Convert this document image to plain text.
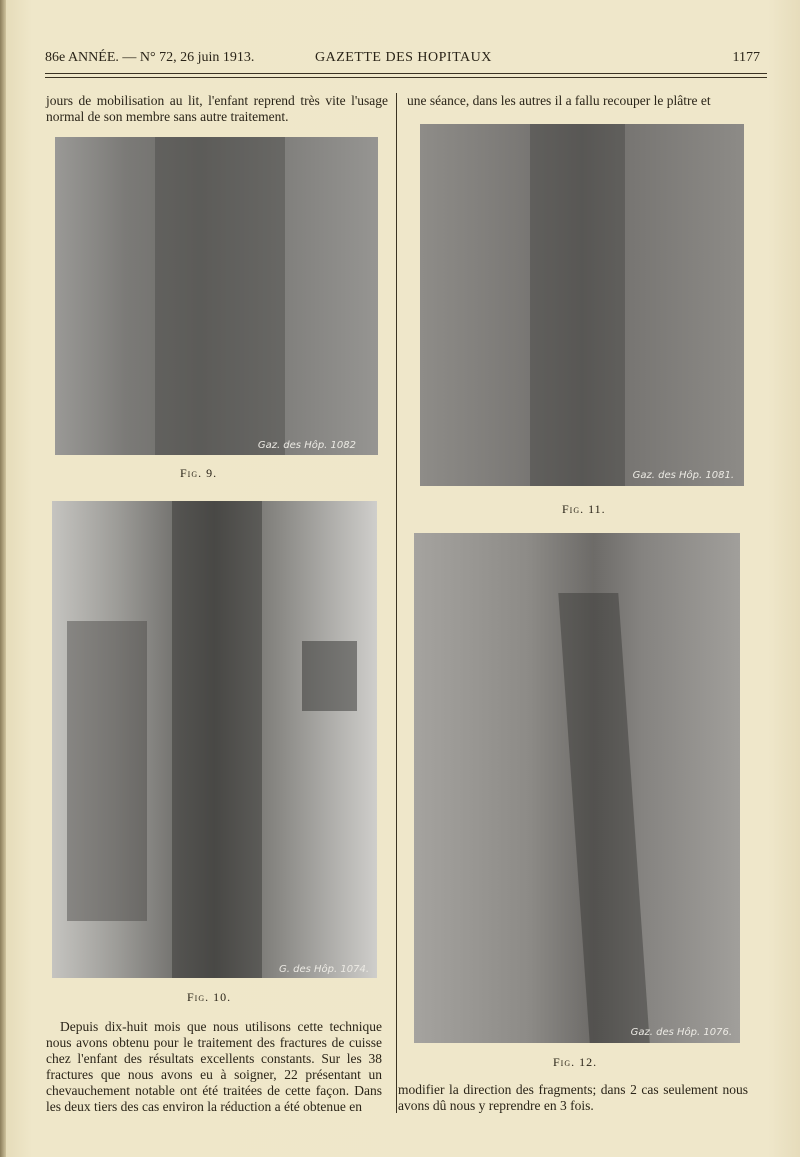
86e ANNÉE. — N° 72, 26 juin 1913.	GAZETTE DES HOPITAUX	1177
jours de mobilisation au lit, l'enfant reprend très vite l'usage normal de son membre sans autre traitement.
une séance, dans les autres il a fallu recouper le plâtre et
Gaz. des Hôp. 1082
Fig. 9.
G. des Hôp. 1074.
Fig. 10.
Gaz. des Hôp. 1081.
Fig. 11.
Gaz. des Hôp. 1076.
Fig. 12.
Depuis dix-huit mois que nous utilisons cette technique nous avons obtenu pour le traitement des fractures de cuisse chez l'enfant des résultats excellents constants. Sur les 38 fractures que nous avons eu à soigner, 22 présentant un chevauchement notable ont été traitées de cette façon. Dans les deux tiers des cas environ la réduction a été obtenue en
modifier la direction des fragments; dans 2 cas seulement nous avons dû nous y reprendre en 3 fois.
